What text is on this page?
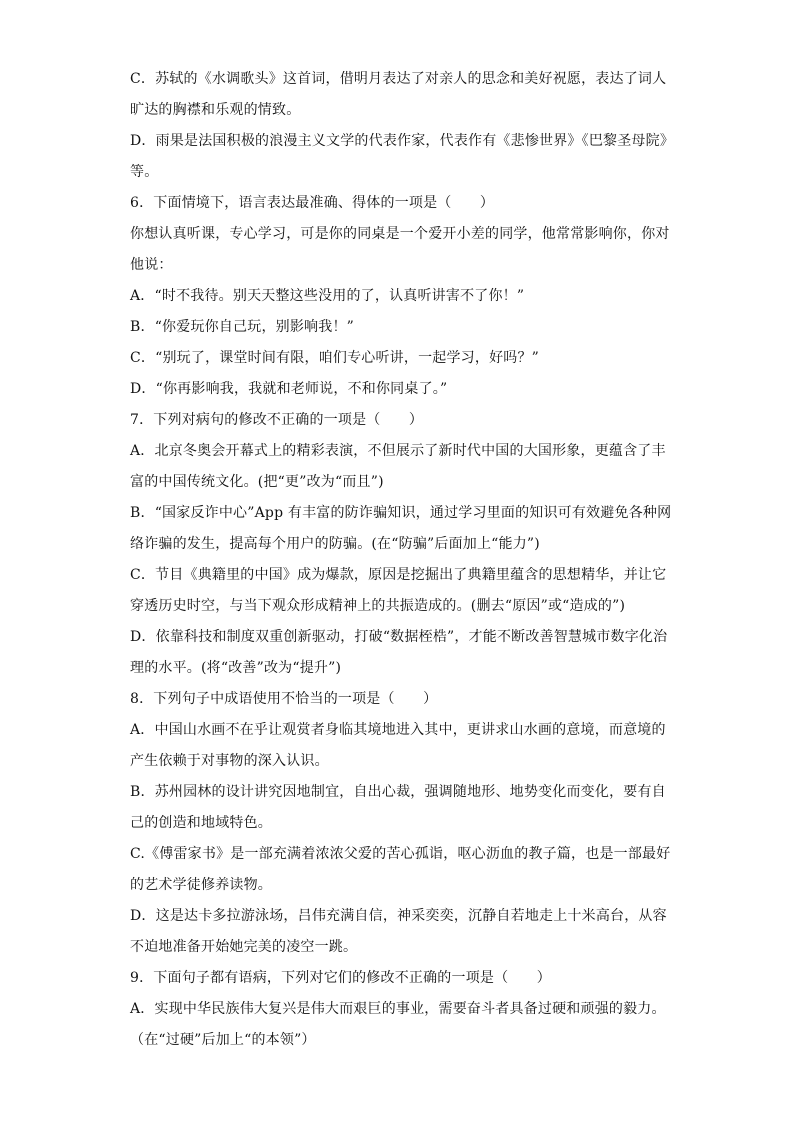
C．苏轼的《水调歌头》这首词，借明月表达了对亲人的思念和美好祝愿，表达了词人
旷达的胸襟和乐观的情致。
D．雨果是法国积极的浪漫主义文学的代表作家，代表作有《悲惨世界》《巴黎圣母院》
等。
6．下面情境下，语言表达最准确、得体的一项是（　　）
你想认真听课，专心学习，可是你的同桌是一个爱开小差的同学，他常常影响你，你对
他说：
A．“时不我待。别天天整这些没用的了，认真听讲害不了你！”
B．“你爱玩你自己玩，别影响我！”
C．“别玩了，课堂时间有限，咱们专心听讲，一起学习，好吗？”
D．“你再影响我，我就和老师说，不和你同桌了。”
7．下列对病句的修改不正确的一项是（　　）
A．北京冬奥会开幕式上的精彩表演，不但展示了新时代中国的大国形象，更蕴含了丰
富的中国传统文化。(把“更”改为“而且”)
B．“国家反诈中心”App 有丰富的防诈骗知识，通过学习里面的知识可有效避免各种网
络诈骗的发生，提高每个用户的防骗。(在“防骗”后面加上“能力”)
C．节目《典籍里的中国》成为爆款，原因是挖掘出了典籍里蕴含的思想精华，并让它
穿透历史时空，与当下观众形成精神上的共振造成的。(删去“原因”或“造成的”)
D．依靠科技和制度双重创新驱动，打破“数据桎梏”，才能不断改善智慧城市数字化治
理的水平。(将“改善”改为“提升”)
8．下列句子中成语使用不恰当的一项是（　　）
A．中国山水画不在乎让观赏者身临其境地进入其中，更讲求山水画的意境，而意境的
产生依赖于对事物的深入认识。
B．苏州园林的设计讲究因地制宜，自出心裁，强调随地形、地势变化而变化，要有自
己的创造和地域特色。
C.《傅雷家书》是一部充满着浓浓父爱的苦心孤诣，呕心沥血的教子篇，也是一部最好
的艺术学徒修养读物。
D．这是达卡多拉游泳场，吕伟充满自信，神采奕奕，沉静自若地走上十米高台，从容
不迫地准备开始她完美的凌空一跳。
9．下面句子都有语病，下列对它们的修改不正确的一项是（　　）
A．实现中华民族伟大复兴是伟大而艰巨的事业，需要奋斗者具备过硬和顽强的毅力。
（在“过硬”后加上“的本领”）
